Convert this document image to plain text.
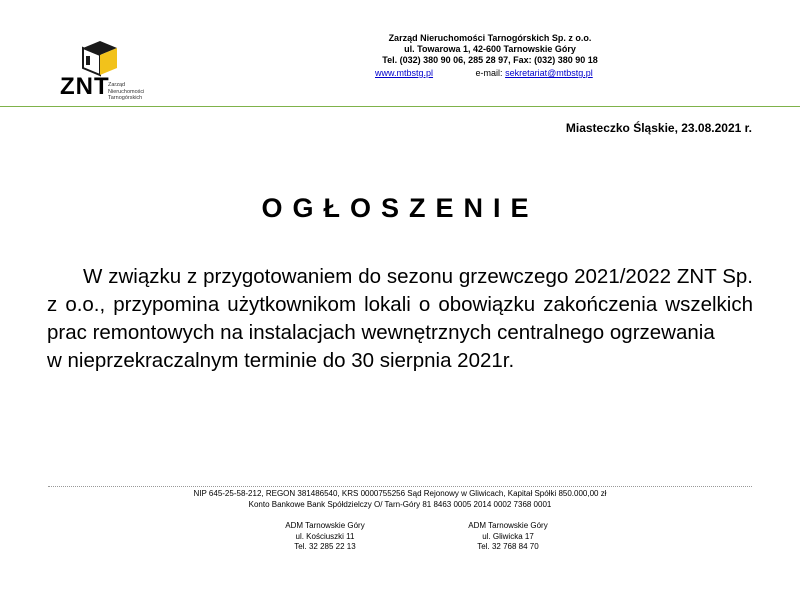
ZNT
Zarząd
Nieruchomości
Tarnogórskich
Zarząd Nieruchomości Tarnogórskich Sp. z o.o.
ul. Towarowa 1, 42-600 Tarnowskie Góry
Tel. (032) 380 90 06, 285 28 97, Fax: (032) 380 90 18
www.mtbstg.pl	e-mail: sekretariat@mtbstg.pl
Miasteczko Śląskie, 23.08.2021 r.
OGŁOSZENIE
W związku z przygotowaniem do sezonu grzewczego 2021/2022 ZNT Sp. z o.o., przypomina użytkownikom lokali o obowiązku zakończenia wszelkich prac remontowych na instalacjach wewnętrznych centralnego ogrzewania
w nieprzekraczalnym terminie do 30 sierpnia 2021r.
NIP 645-25-58-212, REGON 381486540, KRS 0000755256 Sąd Rejonowy w Gliwicach, Kapitał Spółki 850.000,00 zł
Konto Bankowe Bank Spółdzielczy O/ Tarn-Góry 81 8463 0005 2014 0002 7368 0001
ADM Tarnowskie Góry
ul. Kościuszki 11
Tel. 32 285 22 13
ADM Tarnowskie Góry
ul. Gliwicka 17
Tel. 32 768 84 70
